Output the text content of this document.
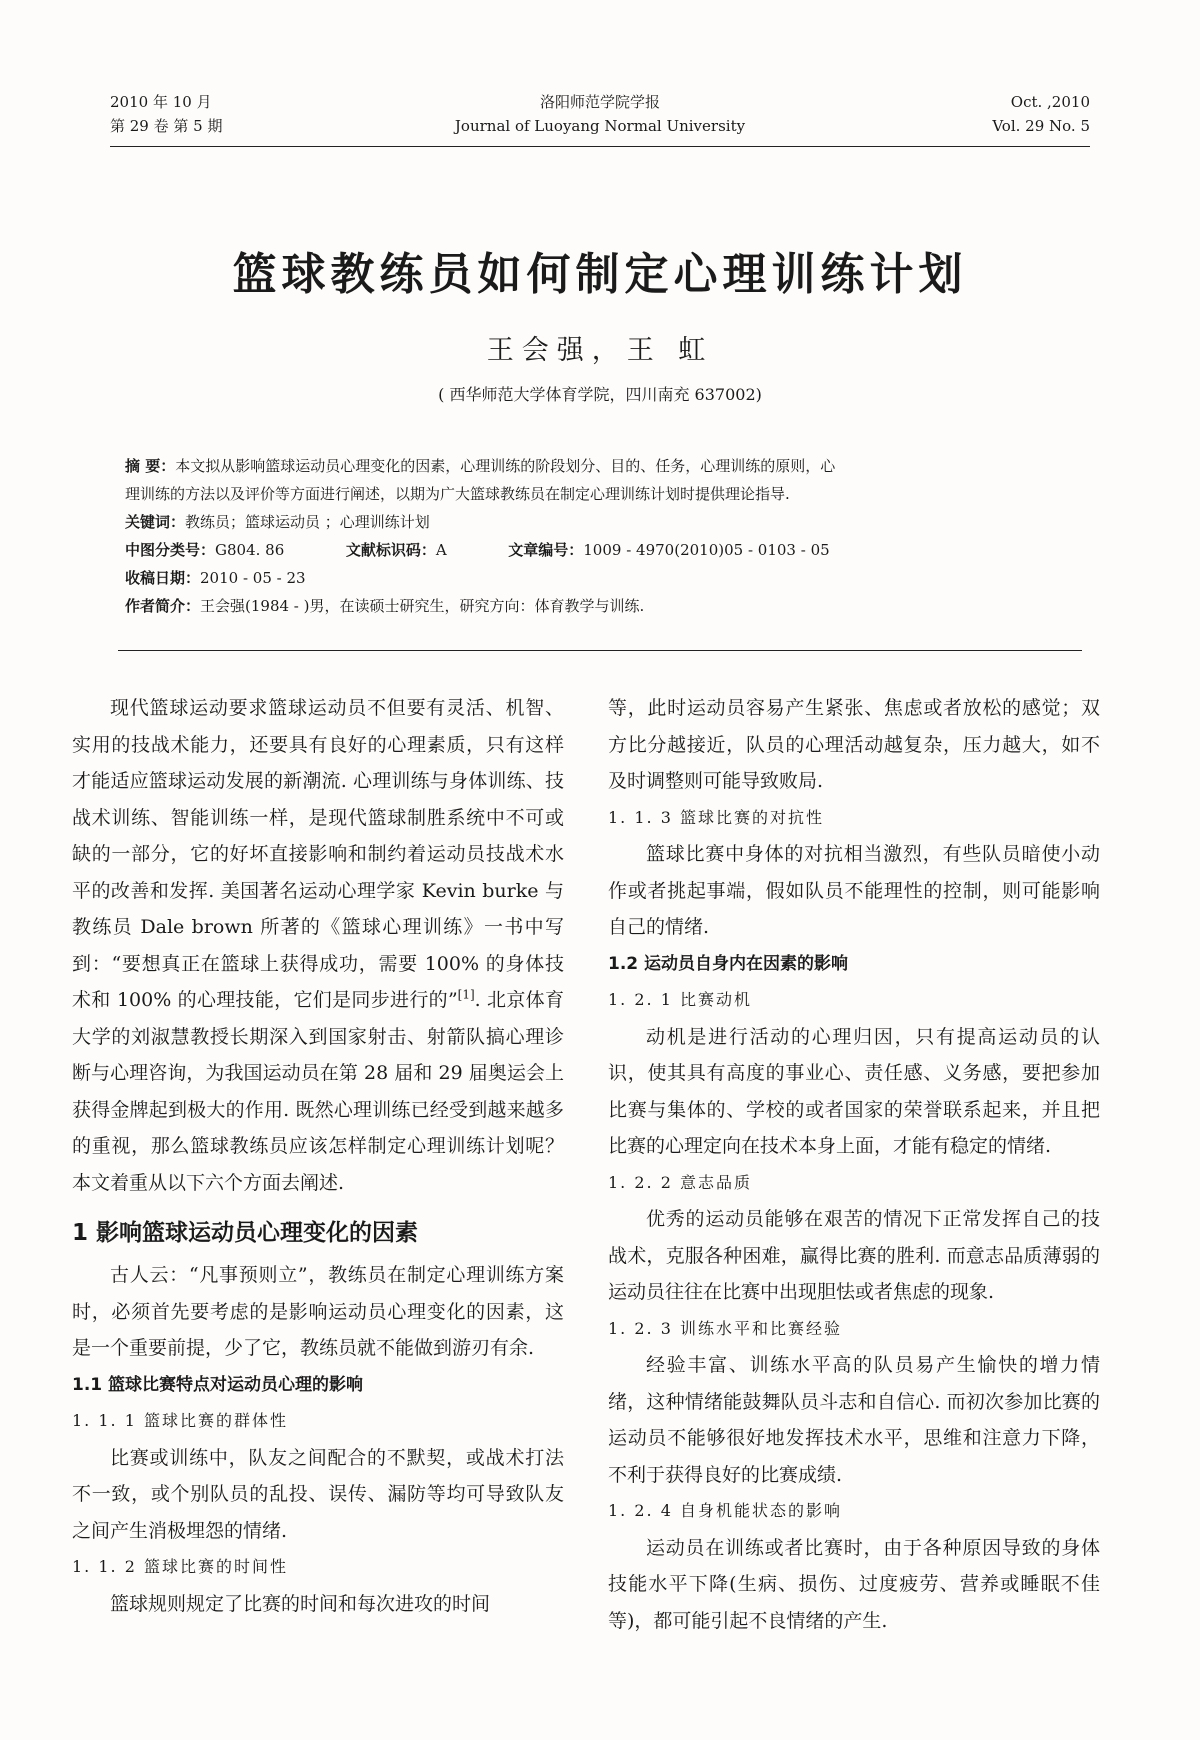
2010 年 10 月
第 29 卷 第 5 期
洛阳师范学院学报
Journal of Luoyang Normal University
Oct. ,2010
Vol. 29 No. 5
篮球教练员如何制定心理训练计划
王会强，王 虹
( 西华师范大学体育学院，四川南充 637002)
摘 要：本文拟从影响篮球运动员心理变化的因素，心理训练的阶段划分、目的、任务，心理训练的原则，心
理训练的方法以及评价等方面进行阐述，以期为广大篮球教练员在制定心理训练计划时提供理论指导.
关键词：教练员；篮球运动员 ；心理训练计划
中图分类号：G804. 86	文献标识码：A	文章编号：1009 - 4970(2010)05 - 0103 - 05
收稿日期：2010 - 05 - 23
作者简介：王会强(1984 - )男，在读硕士研究生，研究方向：体育教学与训练.

现代篮球运动要求篮球运动员不但要有灵活、机智、实用的技战术能力，还要具有良好的心理素质，只有这样才能适应篮球运动发展的新潮流. 心理训练与身体训练、技战术训练、智能训练一样，是现代篮球制胜系统中不可或缺的一部分，它的好坏直接影响和制约着运动员技战术水平的改善和发挥. 美国著名运动心理学家 Kevin burke 与教练员 Dale brown 所著的《篮球心理训练》一书中写到：“要想真正在篮球上获得成功，需要 100% 的身体技术和 100% 的心理技能，它们是同步进行的”[1]. 北京体育大学的刘淑慧教授长期深入到国家射击、射箭队搞心理诊断与心理咨询，为我国运动员在第 28 届和 29 届奥运会上获得金牌起到极大的作用. 既然心理训练已经受到越来越多的重视，那么篮球教练员应该怎样制定心理训练计划呢？本文着重从以下六个方面去阐述.

1 影响篮球运动员心理变化的因素

古人云：“凡事预则立”，教练员在制定心理训练方案时，必须首先要考虑的是影响运动员心理变化的因素，这是一个重要前提，少了它，教练员就不能做到游刃有余.

1.1 篮球比赛特点对运动员心理的影响
1. 1. 1 篮球比赛的群体性

比赛或训练中，队友之间配合的不默契，或战术打法不一致，或个别队员的乱投、误传、漏防等均可导致队友之间产生消极埋怨的情绪.

1. 1. 2 篮球比赛的时间性

篮球规则规定了比赛的时间和每次进攻的时间

等，此时运动员容易产生紧张、焦虑或者放松的感觉；双方比分越接近，队员的心理活动越复杂，压力越大，如不及时调整则可能导致败局.

1. 1. 3 篮球比赛的对抗性

篮球比赛中身体的对抗相当激烈，有些队员暗使小动作或者挑起事端，假如队员不能理性的控制，则可能影响自己的情绪.

1.2 运动员自身内在因素的影响
1. 2. 1 比赛动机

动机是进行活动的心理归因，只有提高运动员的认识，使其具有高度的事业心、责任感、义务感，要把参加比赛与集体的、学校的或者国家的荣誉联系起来，并且把比赛的心理定向在技术本身上面，才能有稳定的情绪.

1. 2. 2 意志品质

优秀的运动员能够在艰苦的情况下正常发挥自己的技战术，克服各种困难，赢得比赛的胜利. 而意志品质薄弱的运动员往往在比赛中出现胆怯或者焦虑的现象.

1. 2. 3 训练水平和比赛经验

经验丰富、训练水平高的队员易产生愉快的增力情绪，这种情绪能鼓舞队员斗志和自信心. 而初次参加比赛的运动员不能够很好地发挥技术水平，思维和注意力下降，不利于获得良好的比赛成绩.

1. 2. 4 自身机能状态的影响

运动员在训练或者比赛时，由于各种原因导致的身体技能水平下降(生病、损伤、过度疲劳、营养或睡眠不佳等)，都可能引起不良情绪的产生.
